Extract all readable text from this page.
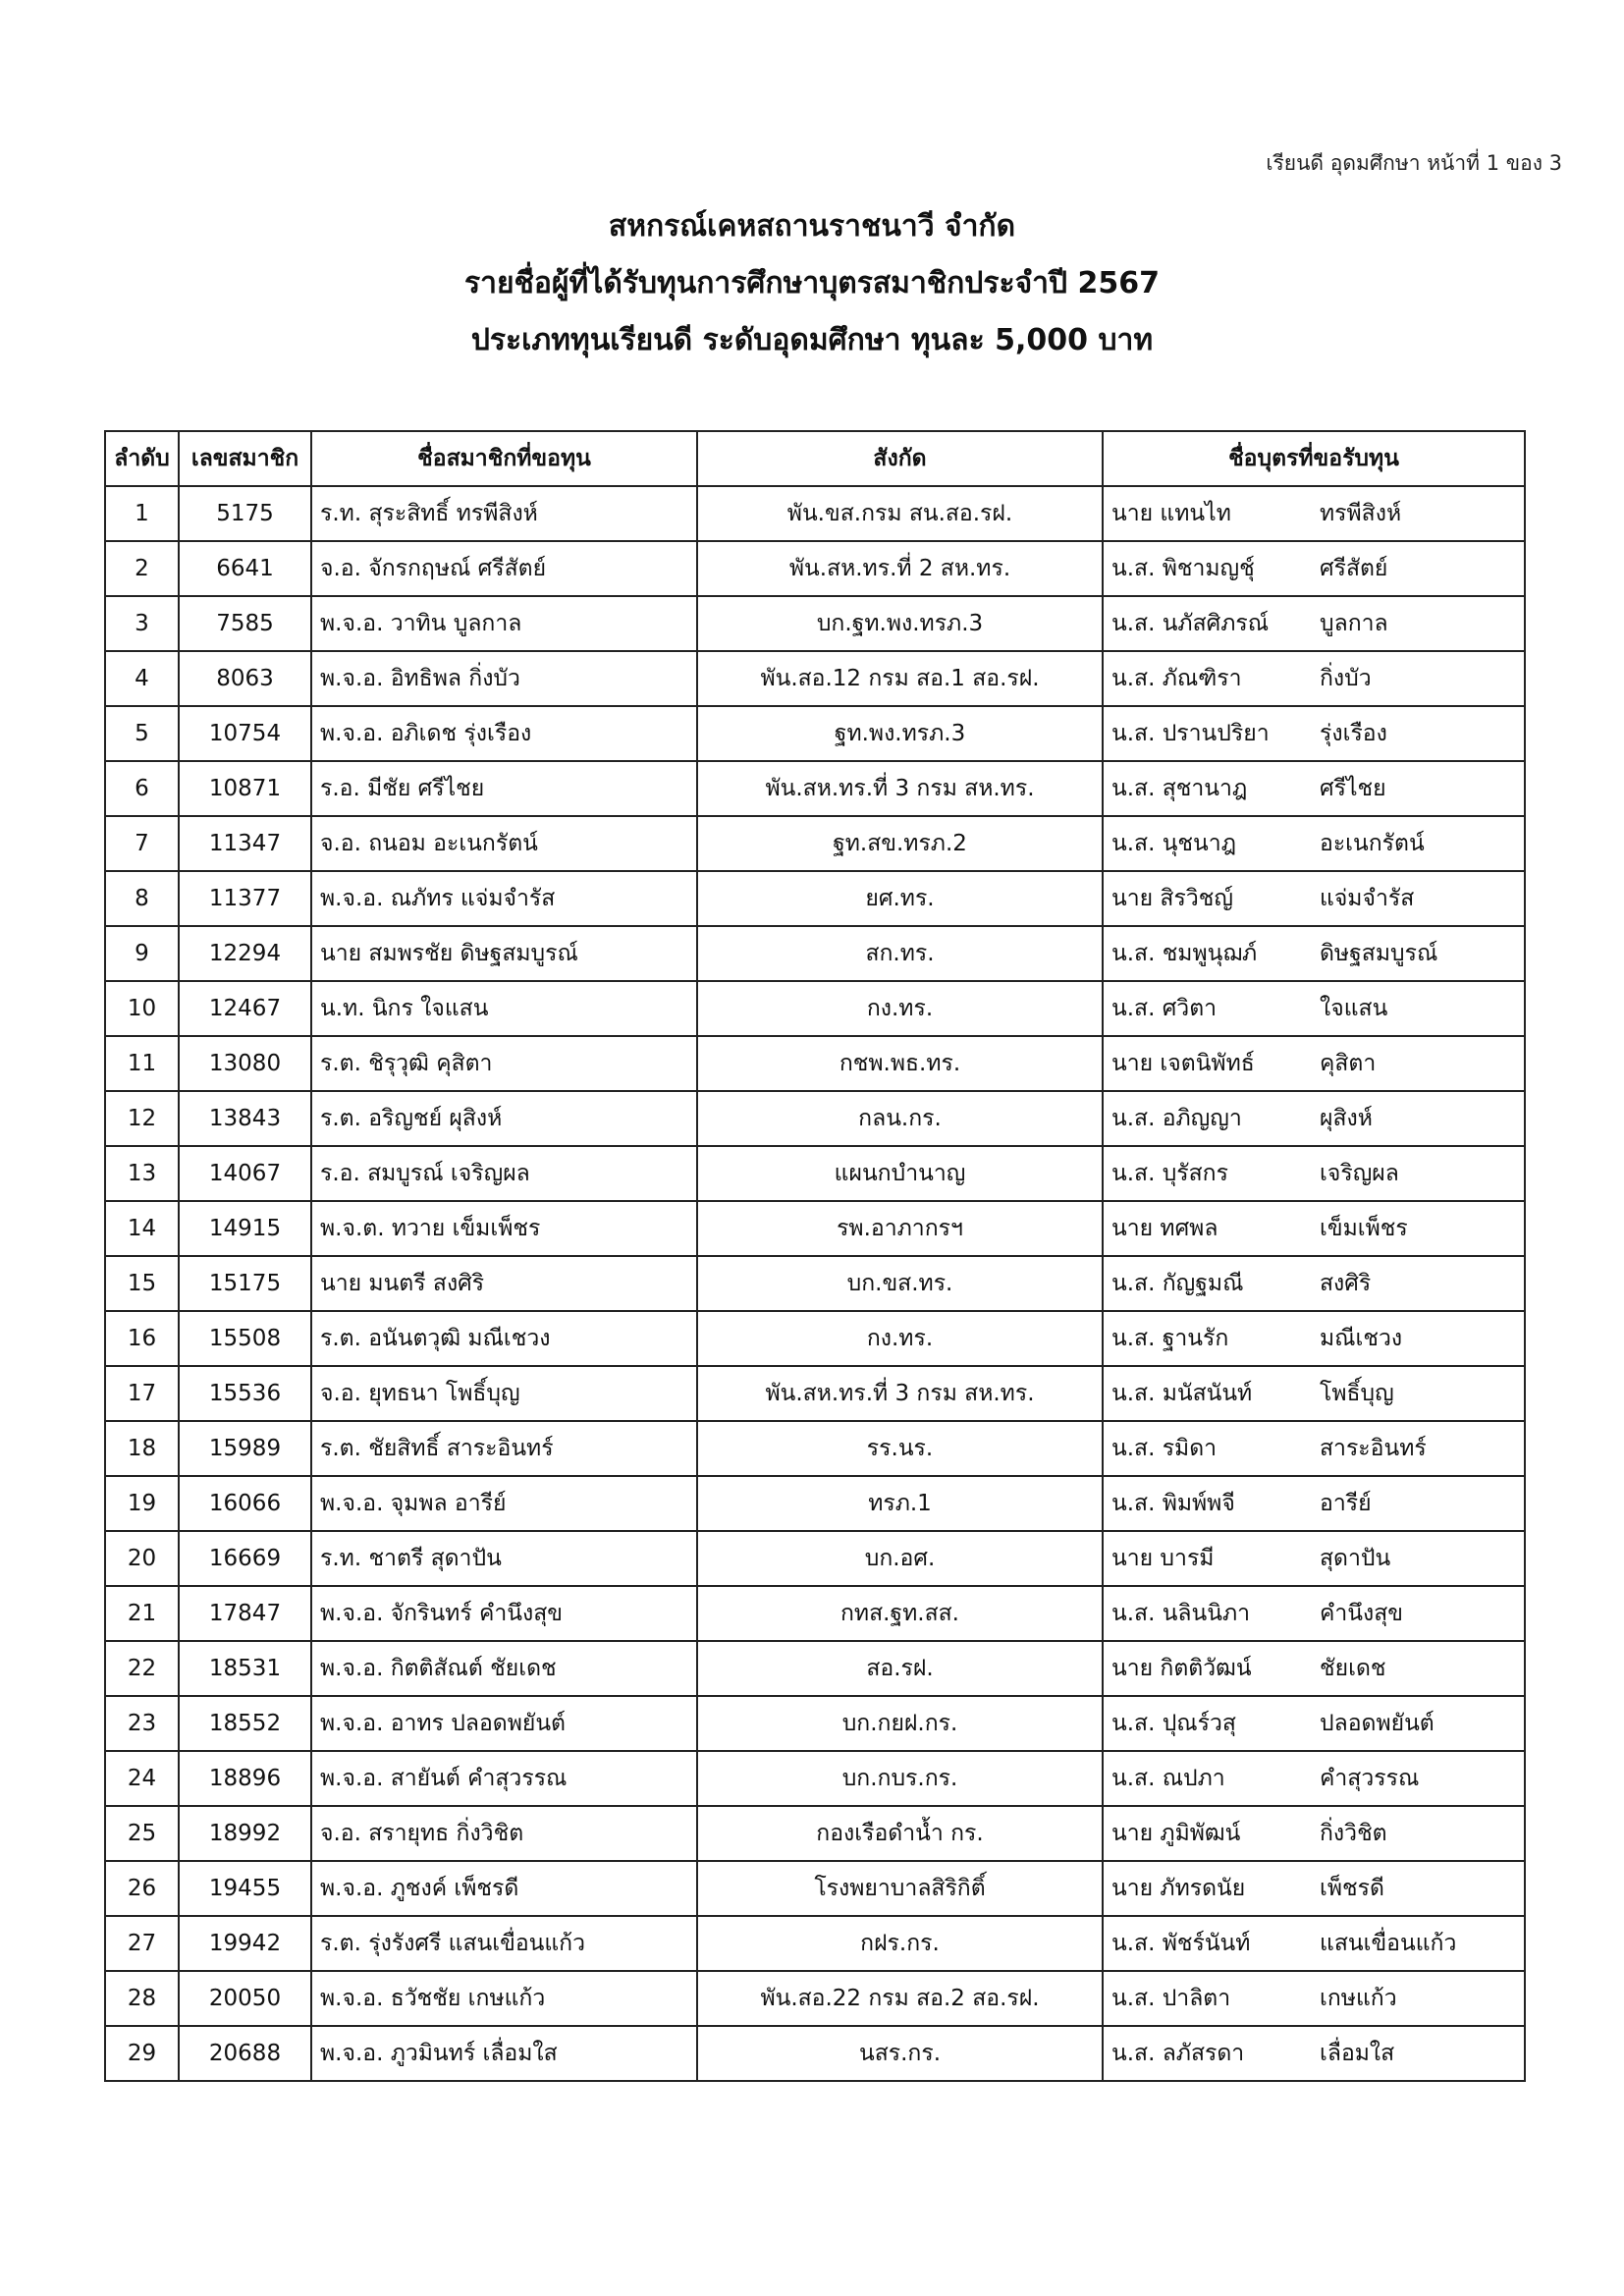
เรียนดี อุดมศึกษา หน้าที่ 1 ของ 3
สหกรณ์เคหสถานราชนาวี จำกัด
รายชื่อผู้ที่ได้รับทุนการศึกษาบุตรสมาชิกประจำปี 2567
ประเภททุนเรียนดี ระดับอุดมศึกษา ทุนละ 5,000 บาท
ลำดับ	เลขสมาชิก	ชื่อสมาชิกที่ขอทุน	สังกัด	ชื่อบุตรที่ขอรับทุน
1	5175	ร.ท. สุระสิทธิ์ ทรพีสิงห์	พัน.ขส.กรม สน.สอ.รฝ.	นาย แทนไท ทรพีสิงห์

2	6641	จ.อ. จักรกฤษณ์ ศรีสัตย์	พัน.สห.ทร.ที่ 2 สห.ทร.	น.ส. พิชามญชุ์ ศรีสัตย์

3	7585	พ.จ.อ. วาทิน บูลกาล	บก.ฐท.พง.ทรภ.3	น.ส. นภัสศิภรณ์ บูลกาล

4	8063	พ.จ.อ. อิทธิพล กิ่งบัว	พัน.สอ.12 กรม สอ.1 สอ.รฝ.	น.ส. ภัณฑิรา กิ่งบัว

5	10754	พ.จ.อ. อภิเดช รุ่งเรือง	ฐท.พง.ทรภ.3	น.ส. ปรานปริยา รุ่งเรือง

6	10871	ร.อ. มีชัย ศรีไชย	พัน.สห.ทร.ที่ 3 กรม สห.ทร.	น.ส. สุชานาฎ ศรีไชย

7	11347	จ.อ. ถนอม อะเนกรัตน์	ฐท.สข.ทรภ.2	น.ส. นุชนาฎ อะเนกรัตน์

8	11377	พ.จ.อ. ณภัทร แจ่มจำรัส	ยศ.ทร.	นาย สิรวิชญ์ แจ่มจำรัส

9	12294	นาย สมพรชัย ดิษฐสมบูรณ์	สก.ทร.	น.ส. ชมพูนุฌภ์ ดิษฐสมบูรณ์

10	12467	น.ท. นิกร ใจแสน	กง.ทร.	น.ส. ศวิตา ใจแสน

11	13080	ร.ต. ชิรุวุฒิ คุสิตา	กชพ.พธ.ทร.	นาย เจตนิพัทธ์ คุสิตา

12	13843	ร.ต. อริญชย์ ผุสิงห์	กลน.กร.	น.ส. อภิญญา ผุสิงห์

13	14067	ร.อ. สมบูรณ์ เจริญผล	แผนกบำนาญ	น.ส. บุรัสกร เจริญผล

14	14915	พ.จ.ต. ทวาย เข็มเพ็ชร	รพ.อาภากรฯ	นาย ทศพล เข็มเพ็ชร

15	15175	นาย มนตรี สงศิริ	บก.ขส.ทร.	น.ส. กัญฐมณี สงศิริ

16	15508	ร.ต. อนันตวุฒิ มณีเชวง	กง.ทร.	น.ส. ฐานรัก มณีเชวง

17	15536	จ.อ. ยุทธนา โพธิ์บุญ	พัน.สห.ทร.ที่ 3 กรม สห.ทร.	น.ส. มนัสนันท์ โพธิ์บุญ

18	15989	ร.ต. ชัยสิทธิ์ สาระอินทร์	รร.นร.	น.ส. รมิดา สาระอินทร์

19	16066	พ.จ.อ. จุมพล อารีย์	ทรภ.1	น.ส. พิมพ์พจี อารีย์

20	16669	ร.ท. ชาตรี สุดาปัน	บก.อศ.	นาย บารมี สุดาปัน

21	17847	พ.จ.อ. จักรินทร์ คำนึงสุข	กทส.ฐท.สส.	น.ส. นลินนิภา คำนึงสุข

22	18531	พ.จ.อ. กิตติสัณต์ ชัยเดช	สอ.รฝ.	นาย กิตติวัฒน์ ชัยเดช

23	18552	พ.จ.อ. อาทร ปลอดพยันต์	บก.กยฝ.กร.	น.ส. ปุณร์วสุ ปลอดพยันต์

24	18896	พ.จ.อ. สายันต์ คำสุวรรณ	บก.กบร.กร.	น.ส. ณปภา คำสุวรรณ

25	18992	จ.อ. สรายุทธ กิ่งวิชิต	กองเรือดำน้ำ กร.	นาย ภูมิพัฒน์ กิ่งวิชิต

26	19455	พ.จ.อ. ภูชงค์ เพ็ชรดี	โรงพยาบาลสิริกิติ์	นาย ภัทรดนัย เพ็ชรดี

27	19942	ร.ต. รุ่งรังศรี แสนเขื่อนแก้ว	กฝร.กร.	น.ส. พัชร์นันท์ แสนเขื่อนแก้ว

28	20050	พ.จ.อ. ธวัชชัย เกษแก้ว	พัน.สอ.22 กรม สอ.2 สอ.รฝ.	น.ส. ปาลิตา เกษแก้ว

29	20688	พ.จ.อ. ภูวมินทร์ เลื่อมใส	นสร.กร.	น.ส. ลภัสรดา เลื่อมใส
